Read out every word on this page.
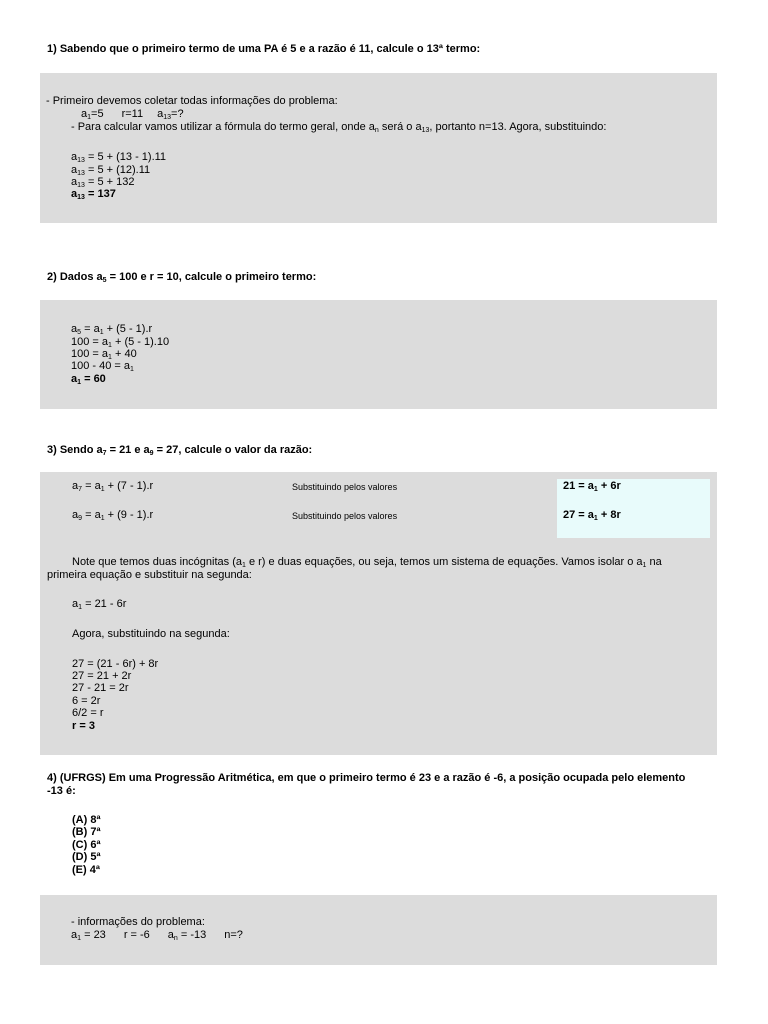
1) Sabendo que o primeiro termo de uma PA é 5 e a razão é 11, calcule o 13ª termo:
- Primeiro devemos coletar todas informações do problema:
$a_1=5$ r=11 $a_{13}=$?
- Para calcular vamos utilizar a fórmula do termo geral, onde $a_n$ será o $a_{13}$, portanto n=13. Agora, substituindo:
$a_{13} = 5 + (13 - 1).11$
$a_{13} = 5 + (12).11$
$a_{13} = 5 + 132$
$a_{13} = 137$
2) Dados $a_5 = 100$ e r = 10, calcule o primeiro termo:
$a_5 = a_1 + (5 - 1).r$
$100 = a_1 + (5 - 1).10$
$100 = a_1 + 40$
$100 - 40 = a_1$
$a_1 = 60$
3) Sendo $a_7 = 21$ e $a_9 = 27$, calcule o valor da razão:
$a_7 = a_1 + (7 - 1).r$	Substituindo pelos valores	$21 = a_1 + 6r$
$a_9 = a_1 + (9 - 1).r$	Substituindo pelos valores	$27 = a_1 + 8r$
Note que temos duas incógnitas ($a_1$ e r) e duas equações, ou seja, temos um sistema de equações. Vamos isolar o $a_1$ na
primeira equação e substituir na segunda:
$a_1 = 21 - 6r$
Agora, substituindo na segunda:
27 = (21 - 6r) + 8r
27 = 21 + 2r
27 - 21 = 2r
6 = 2r
6/2 = r
r = 3
4) (UFRGS) Em uma Progressão Aritmética, em que o primeiro termo é 23 e a razão é -6, a posição ocupada pelo elemento
-13 é:
(A) 8ª
(B) 7ª
(C) 6ª
(D) 5ª
(E) 4ª
- informações do problema:
$a_1 = 23$ r = -6 $a_n = -13$ n=?
